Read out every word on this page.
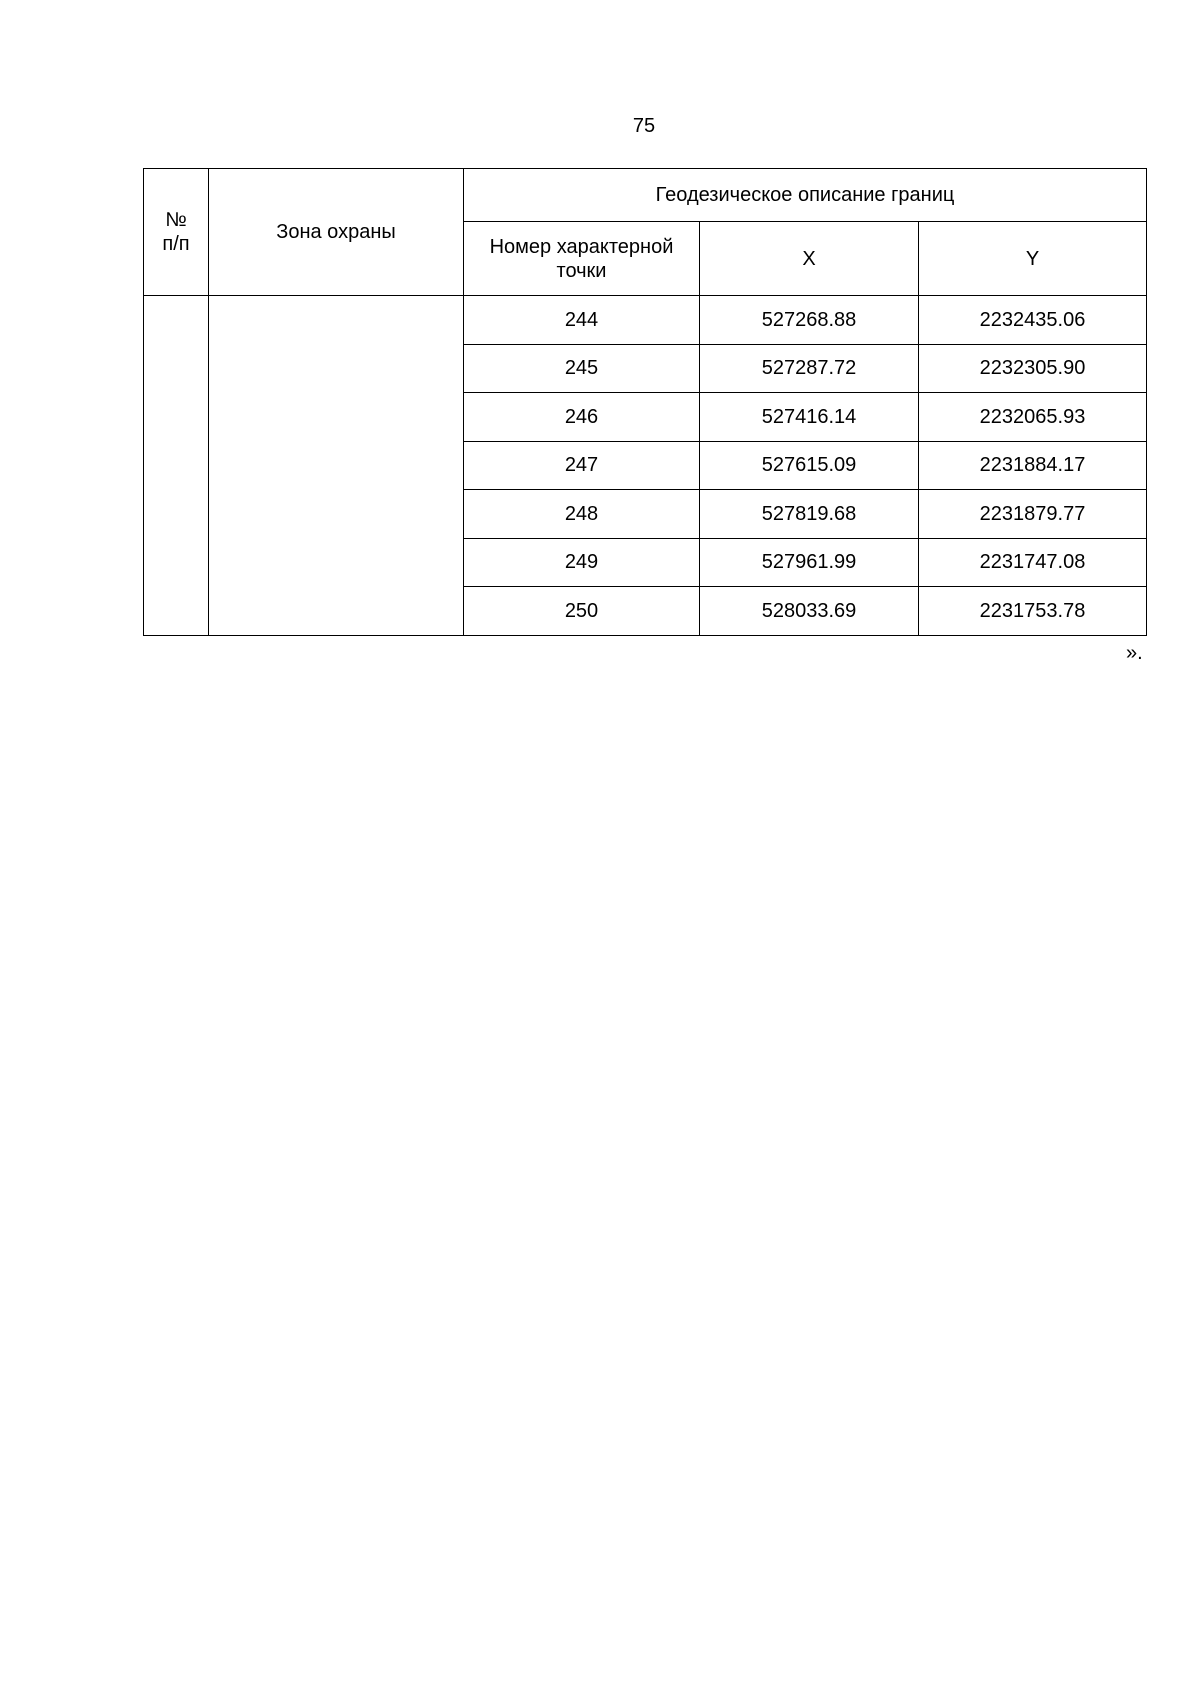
75
№
п/п	Зона охраны	Геодезическое описание границ		

		Номер характерной
точки	X	Y
		244	527268.88	2232435.06
		245	527287.72	2232305.90
		246	527416.14	2232065.93
		247	527615.09	2231884.17
		248	527819.68	2231879.77
		249	527961.99	2231747.08
		250	528033.69	2231753.78
».
